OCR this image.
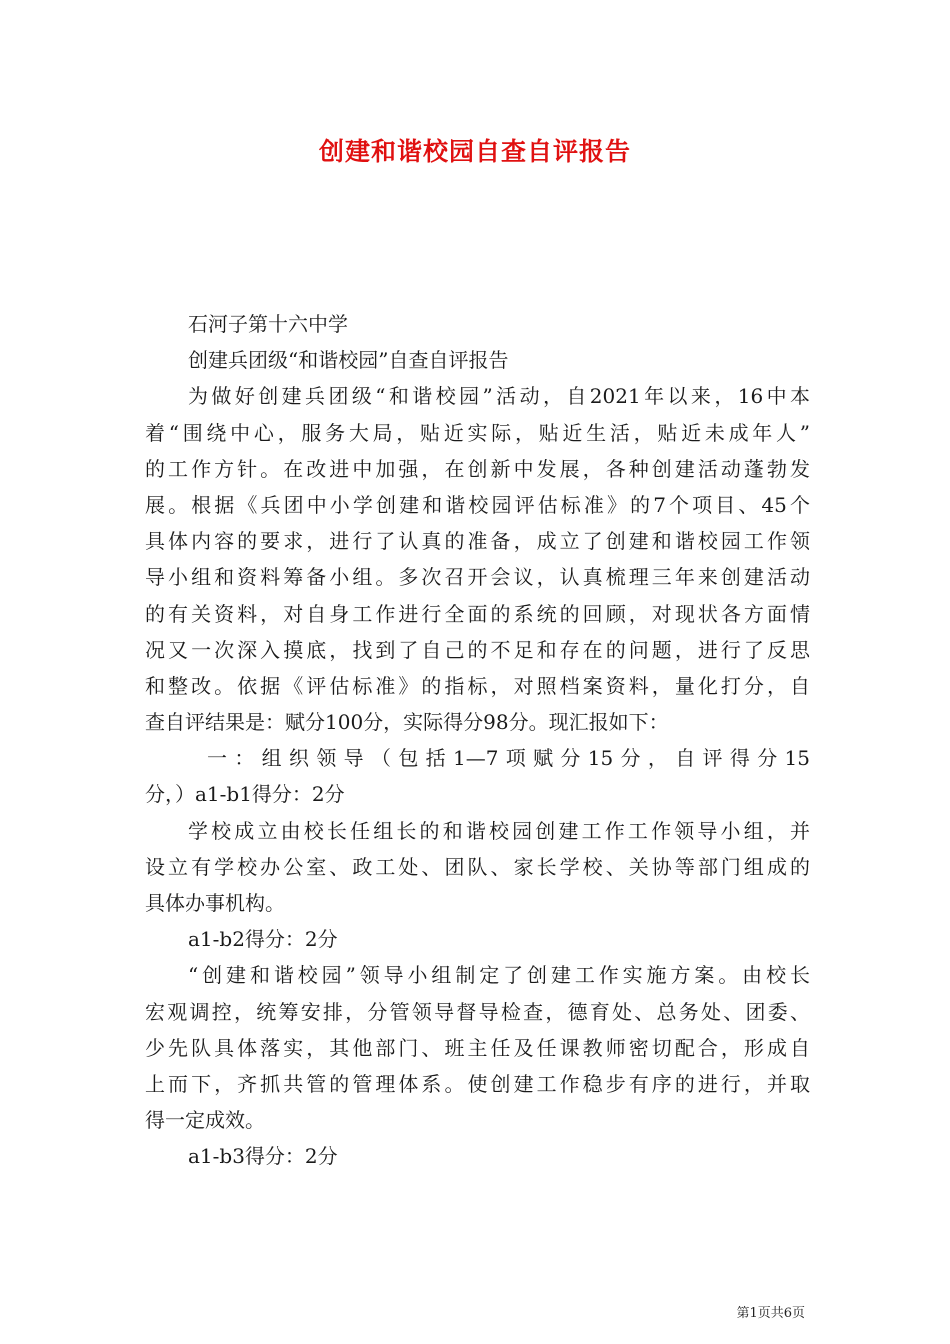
创建和谐校园自查自评报告
石河子第十六中学
创建兵团级“和谐校园”自查自评报告
为做好创建兵团级“和谐校园”活动，自2021年以来，16中本
着“围绕中心，服务大局，贴近实际，贴近生活，贴近未成年人”
的工作方针。在改进中加强，在创新中发展，各种创建活动蓬勃发
展。根据《兵团中小学创建和谐校园评估标准》的7个项目、45个
具体内容的要求，进行了认真的准备，成立了创建和谐校园工作领
导小组和资料筹备小组。多次召开会议，认真梳理三年来创建活动
的有关资料，对自身工作进行全面的系统的回顾，对现状各方面情
况又一次深入摸底，找到了自己的不足和存在的问题，进行了反思
和整改。依据《评估标准》的指标，对照档案资料，量化打分，自
查自评结果是：赋分100分，实际得分98分。现汇报如下：
一：组织领导（包括1—7项赋分15分，自评得分15
分，）a1-b1得分：2分
学校成立由校长任组长的和谐校园创建工作工作领导小组，并
设立有学校办公室、政工处、团队、家长学校、关协等部门组成的
具体办事机构。
a1-b2得分：2分
“创建和谐校园”领导小组制定了创建工作实施方案。由校长
宏观调控，统筹安排，分管领导督导检查，德育处、总务处、团委、
少先队具体落实，其他部门、班主任及任课教师密切配合，形成自
上而下，齐抓共管的管理体系。使创建工作稳步有序的进行，并取
得一定成效。
a1-b3得分：2分
第1页共6页
